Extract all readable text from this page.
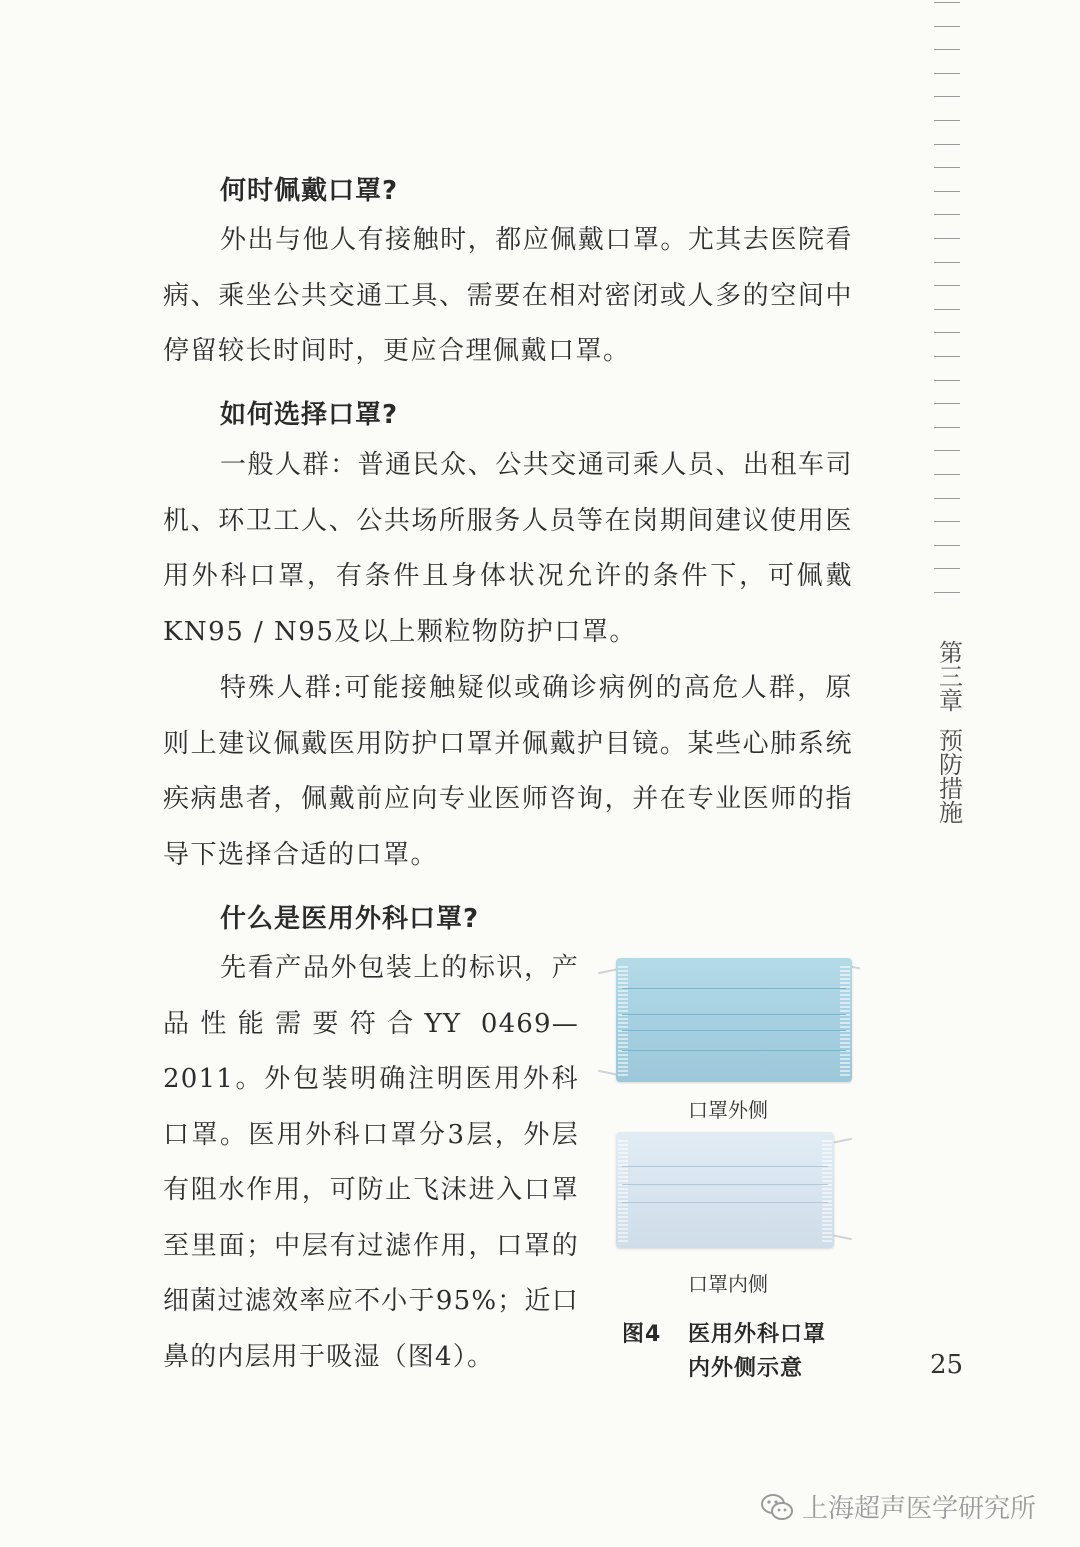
第三章
预防措施
何时佩戴口罩?

外出与他人有接触时，都应佩戴口罩。尤其去医院看病、乘坐公共交通工具、需要在相对密闭或人多的空间中停留较长时间时，更应合理佩戴口罩。

如何选择口罩?

一般人群：普通民众、公共交通司乘人员、出租车司机、环卫工人、公共场所服务人员等在岗期间建议使用医用外科口罩，有条件且身体状况允许的条件下，可佩戴KN95 / N95及以上颗粒物防护口罩。

特殊人群:可能接触疑似或确诊病例的高危人群，原则上建议佩戴医用防护口罩并佩戴护目镜。某些心肺系统疾病患者，佩戴前应向专业医师咨询，并在专业医师的指导下选择合适的口罩。

什么是医用外科口罩?

先看产品外包装上的标识，产品性能需要符合YY 0469—2011。外包装明确注明医用外科口罩。医用外科口罩分3层，外层有阻水作用，可防止飞沫进入口罩至里面；中层有过滤作用，口罩的细菌过滤效率应不小于95%；近口鼻的内层用于吸湿（图4）。

口罩外侧
口罩内侧
图4 医用外科口罩
内外侧示意	25
上海超声医学研究所
